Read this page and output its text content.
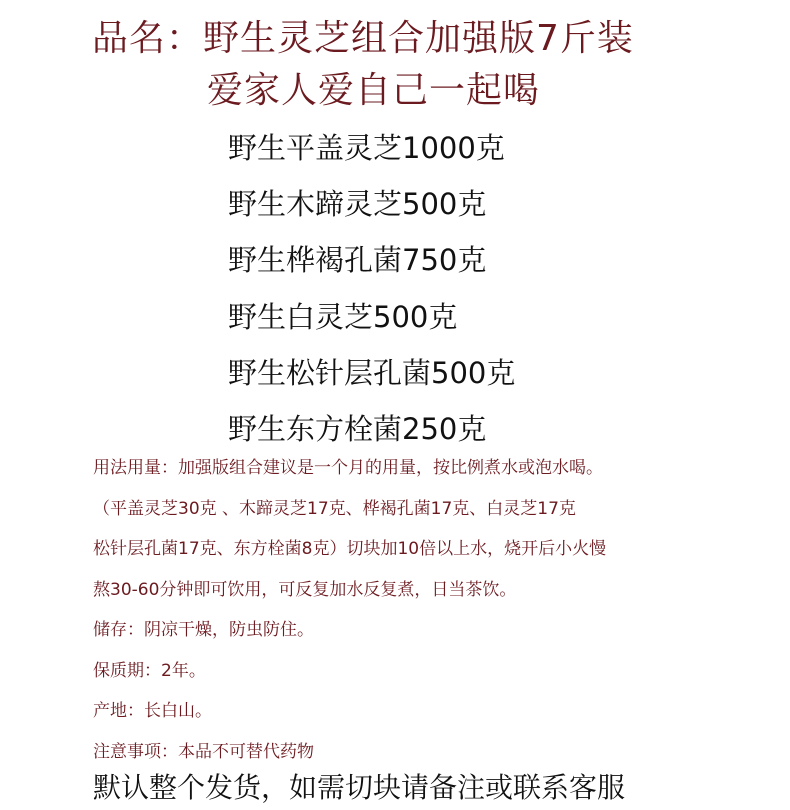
品名：野生灵芝组合加强版7斤装
爱家人爱自己一起喝
野生平盖灵芝1000克
野生木蹄灵芝500克
野生桦褐孔菌750克
野生白灵芝500克
野生松针层孔菌500克
野生东方栓菌250克

用法用量：加强版组合建议是一个月的用量，按比例煮水或泡水喝。

（平盖灵芝30克 、木蹄灵芝17克、桦褐孔菌17克、白灵芝17克

松针层孔菌17克、东方栓菌8克）切块加10倍以上水，烧开后小火慢

熬30-60分钟即可饮用，可反复加水反复煮，日当茶饮。

储存：阴凉干燥，防虫防住。

保质期：2年。

产地：长白山。

注意事项：本品不可替代药物

默认整个发货，如需切块请备注或联系客服
